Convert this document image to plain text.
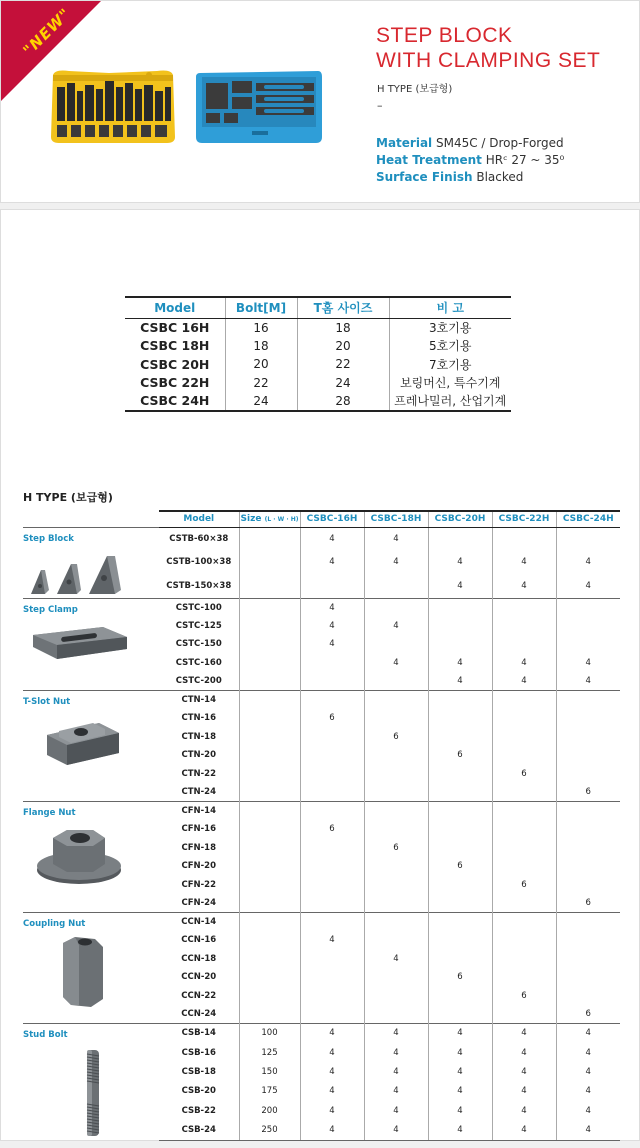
"NEW"	STEP BLOCK
WITH CLAMPING SET
H TYPE (보급형)
–
Material SM45C / Drop-Forged
Heat Treatment HRᶜ 27 ~ 35⁰
Surface Finish Blacked
Model	Bolt[M]	T홈 사이즈	비 고
CSBC 16H	16	18	3호기용
CSBC 18H	18	20	5호기용
CSBC 20H	20	22	7호기용
CSBC 22H	22	24	보링머신, 특수기계
CSBC 24H	24	28	프레나밀러, 산업기계
H TYPE (보급형)
	Model	Size (L · W · H)	CSBC-16H	CSBC-18H	CSBC-20H	CSBC-22H	CSBC-24H

Step Block	CSTB-60×38		4	4			
	CSTB-100×38		4	4	4	4	4
	CSTB-150×38				4	4	4

Step Clamp	CSTC-100		4				
	CSTC-125		4	4			
	CSTC-150		4				
	CSTC-160			4	4	4	4
	CSTC-200				4	4	4

T-Slot Nut	CTN-14						
	CTN-16		6				
	CTN-18			6			
	CTN-20				6		
	CTN-22					6	
	CTN-24						6

Flange Nut	CFN-14						
	CFN-16		6				
	CFN-18			6			
	CFN-20				6		
	CFN-22					6	
	CFN-24						6

Coupling Nut	CCN-14						
	CCN-16		4				
	CCN-18			4			
	CCN-20				6		
	CCN-22					6	
	CCN-24						6

Stud Bolt	CSB-14	100	4	4	4	4	4
	CSB-16	125	4	4	4	4	4
	CSB-18	150	4	4	4	4	4
	CSB-20	175	4	4	4	4	4
	CSB-22	200	4	4	4	4	4
	CSB-24	250	4	4	4	4	4
